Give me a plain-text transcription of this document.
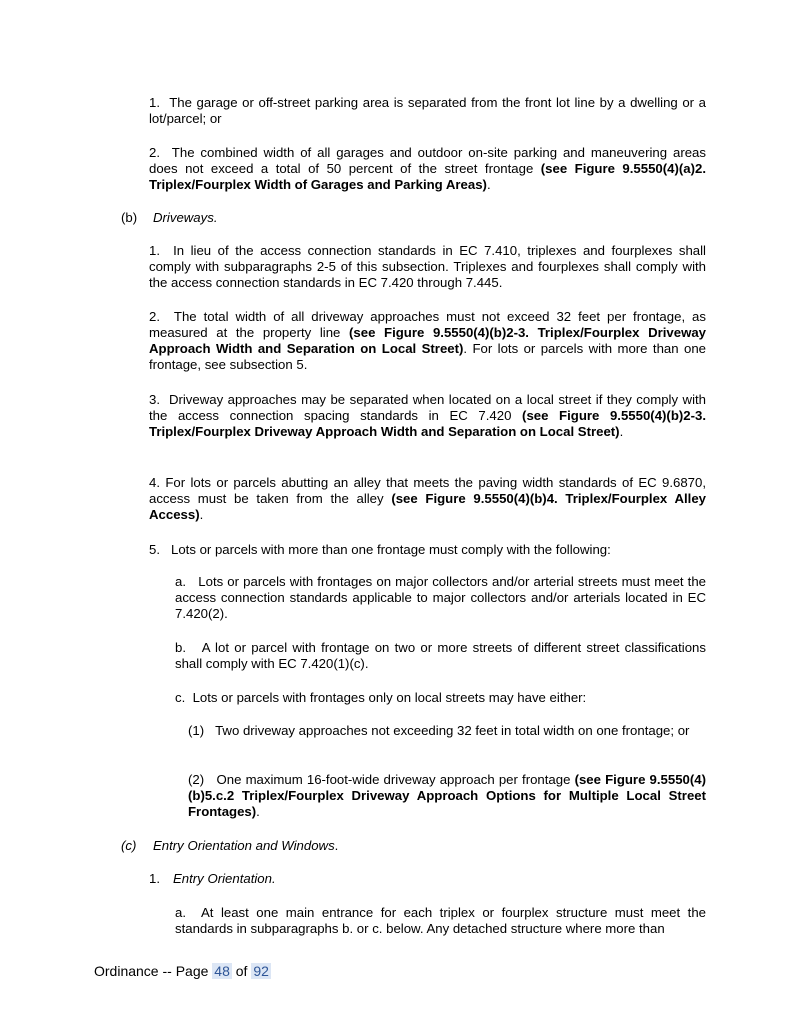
1.  The garage or off-street parking area is separated from the front lot line by a dwelling or a lot/parcel; or

2.  The combined width of all garages and outdoor on-site parking and maneuvering areas does not exceed a total of 50 percent of the street frontage (see Figure 9.5550(4)(a)2. Triplex/Fourplex Width of Garages and Parking Areas).

(b) Driveways.

1.  In lieu of the access connection standards in EC 7.410, triplexes and fourplexes shall comply with subparagraphs 2-5 of this subsection. Triplexes and fourplexes shall comply with the access connection standards in EC 7.420 through 7.445.

2.  The total width of all driveway approaches must not exceed 32 feet per frontage, as measured at the property line (see Figure 9.5550(4)(b)2-3. Triplex/Fourplex Driveway Approach Width and Separation on Local Street). For lots or parcels with more than one frontage, see subsection 5.

3.  Driveway approaches may be separated when located on a local street if they comply with the access connection spacing standards in EC 7.420 (see Figure 9.5550(4)(b)2-3. Triplex/Fourplex Driveway Approach Width and Separation on Local Street).

4. For lots or parcels abutting an alley that meets the paving width standards of EC 9.6870, access must be taken from the alley (see Figure 9.5550(4)(b)4. Triplex/Fourplex Alley Access).

5.   Lots or parcels with more than one frontage must comply with the following:

a.   Lots or parcels with frontages on major collectors and/or arterial streets must meet the access connection standards applicable to major collectors and/or arterials located in EC 7.420(2).

b.   A lot or parcel with frontage on two or more streets of different street classifications shall comply with EC 7.420(1)(c).

c.  Lots or parcels with frontages only on local streets may have either:

(1)   Two driveway approaches not exceeding 32 feet in total width on one frontage; or

(2)   One maximum 16-foot-wide driveway approach per frontage (see Figure 9.5550(4)(b)5.c.2 Triplex/Fourplex Driveway Approach Options for Multiple Local Street Frontages).

(c) Entry Orientation and Windows.

1. Entry Orientation.

a.  At least one main entrance for each triplex or fourplex structure must meet the standards in subparagraphs b. or c. below. Any detached structure where more than

Ordinance -- Page 48 of 92
